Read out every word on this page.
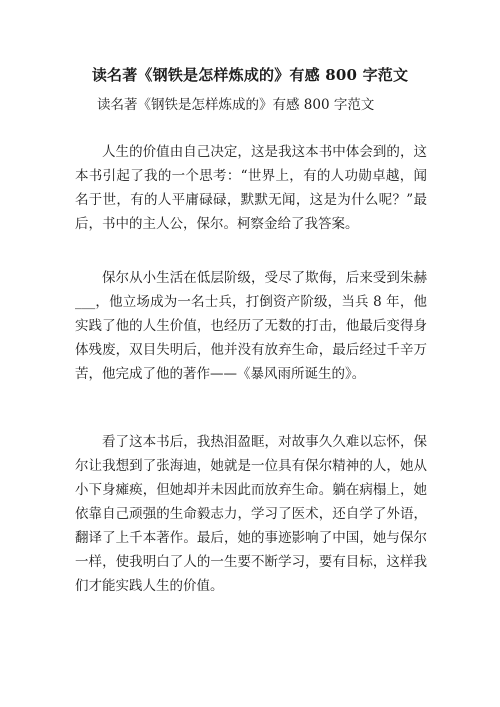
读名著《钢铁是怎样炼成的》有感 800 字范文

读名著《钢铁是怎样炼成的》有感 800 字范文

人生的价值由自己决定，这是我这本书中体会到的，这本书引起了我的一个思考：“世界上，有的人功勋卓越，闻名于世，有的人平庸碌碌，默默无闻，这是为什么呢？”最后，书中的主人公，保尔。柯察金给了我答案。

保尔从小生活在低层阶级，受尽了欺侮，后来受到朱赫 ___，他立场成为一名士兵，打倒资产阶级，当兵 8 年，他实践了他的人生价值，也经历了无数的打击，他最后变得身体残废，双目失明后，他并没有放弃生命，最后经过千辛万苦，他完成了他的著作——《暴风雨所诞生的》。

看了这本书后，我热泪盈眶，对故事久久难以忘怀，保尔让我想到了张海迪，她就是一位具有保尔精神的人，她从小下身瘫痪，但她却并未因此而放弃生命。躺在病榻上，她依靠自己顽强的生命毅志力，学习了医术，还自学了外语，翻译了上千本著作。最后，她的事迹影响了中国，她与保尔一样，使我明白了人的一生要不断学习，要有目标，这样我们才能实践人生的价值。
